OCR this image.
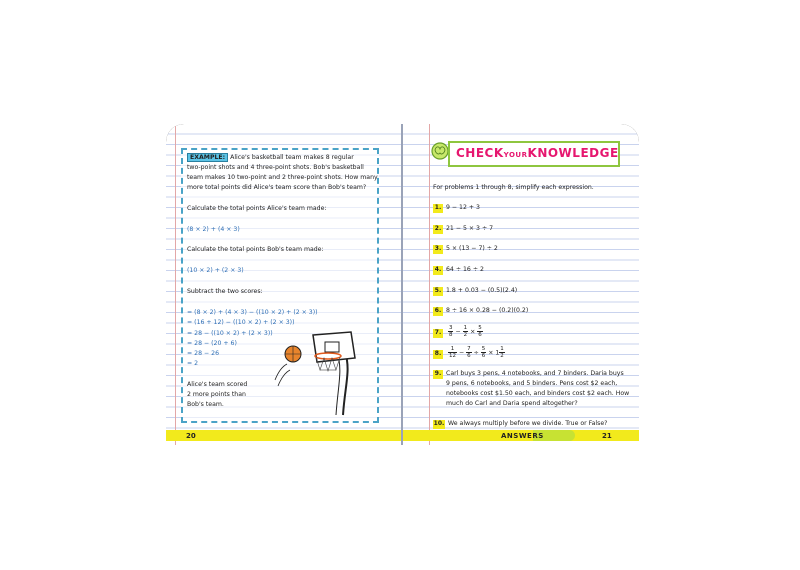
EXAMPLE: Alice's basketball team makes 8 regular
two-point shots and 4 three-point shots. Bob's basketball
team makes 10 two-point and 2 three-point shots. How many
more total points did Alice's team score than Bob's team?
Calculate the total points Alice's team made:
(8 × 2) + (4 × 3)
Calculate the total points Bob's team made:
(10 × 2) + (2 × 3)
Subtract the two scores:
= (8 × 2) + (4 × 3) − ((10 × 2) + (2 × 3))
= (16 + 12) − ((10 × 2) + (2 × 3))
= 28 − ((10 × 2) + (2 × 3))
= 28 − (20 + 6)
= 28 − 26
= 2
Alice's team scored
2 more points than
Bob's team.
20
CHECKYOURKNOWLEDGE
For problems 1 through 8, simplify each expression.
1. 9 − 12 + 3
2. 21 − 5 × 3 ÷ 7
3. 5 × (13 − 7) ÷ 2
4. 64 ÷ 16 ÷ 2
5. 1.8 + 0.03 − (0.5)(2.4)
6. 8 ÷ 16 × 0.28 − (0.2)(0.2)
7. $\frac{3}{8} - \frac{1}{2} \times \frac{5}{6}$
8. $\frac{1}{12} - \frac{7}{6} \div \frac{5}{6} \times 1 \frac{1}{2}$
9. Carl buys 3 pens, 4 notebooks, and 7 binders. Daria buys
9 pens, 6 notebooks, and 5 binders. Pens cost $2 each,
notebooks cost $1.50 each, and binders cost $2 each. How
much do Carl and Daria spend altogether?
10. We always multiply before we divide. True or False?
ANSWERS	21
